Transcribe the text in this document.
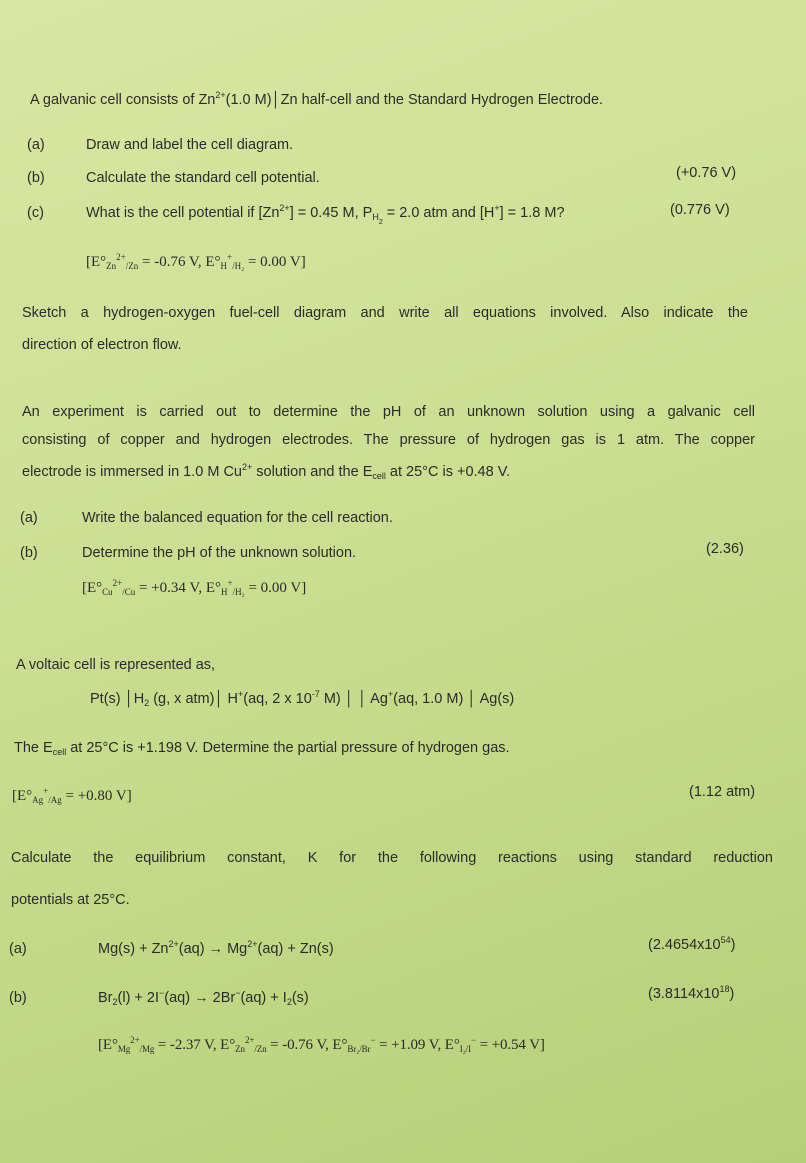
A galvanic cell consists of $Zn^{2+}(1.0$ M)│Zn half-cell and the Standard Hydrogen Electrode.
(a)	Draw and label the cell diagram.
(b)	Calculate the standard cell potential.	(+0.76 V)
(c)	What is the cell potential if $[Zn^{2+}] = 0.45$ M, $P_{H2} = 2.0$ atm and [H+] = 1.8 M?	(0.776 V)
[$E^\circ_{Zn}^{2+}_{/Zn} = -0.76$ V, $E^\circ_H^+_{/H_2} = 0.00$ V]
Sketch a hydrogen-oxygen fuel-cell diagram and write all equations involved. Also indicate the
direction of electron flow.
An experiment is carried out to determine the pH of an unknown solution using a galvanic cell
consisting of copper and hydrogen electrodes. The pressure of hydrogen gas is 1 atm. The copper
electrode is immersed in 1.0 M $Cu^{2+}$ solution and the $E_{cell}$ at 25°C is +0.48 V.
(a)	Write the balanced equation for the cell reaction.
(b)	Determine the pH of the unknown solution.	(2.36)
[$E^\circ_{Cu}^{2+}_{/Cu} = +0.34$ V, $E^\circ_H^+_{/H_2} = 0.00$ V]
A voltaic cell is represented as,
Pt(s) $│H_2$ (g, x atm)│ H+(aq, 2 x $10^{-7}$ M) │ │ Ag+(aq, 1.0 M) │ Ag(s)
The $E_{cell}$ at 25°C is +1.198 V. Determine the partial pressure of hydrogen gas.
[$E^\circ_{Ag}^+_{/Ag} = +0.80$ V]	(1.12 atm)
Calculate the equilibrium constant, K for the following reactions using standard reduction
potentials at 25°C.
(a)	$Mg(s) + Zn^{2+}(aq) \to Mg^{2+}(aq) + Zn(s)$	$(2.4654x10^{54})$
(b)	$Br_2(l) + 2I^-(aq) \to 2Br^-(aq) + I_2(s)$	$(3.8114x10^{18})$
[$E^\circ_{Mg}^{2+}_{/Mg} = -2.37$ V, $E^\circ_{Zn}^{2+}_{/Zn} = -0.76$ V, $E^\circ_{Br_2/Br}^- = +1.09$ V, $E^\circ_{I_2/I}^- = +0.54$ V]
